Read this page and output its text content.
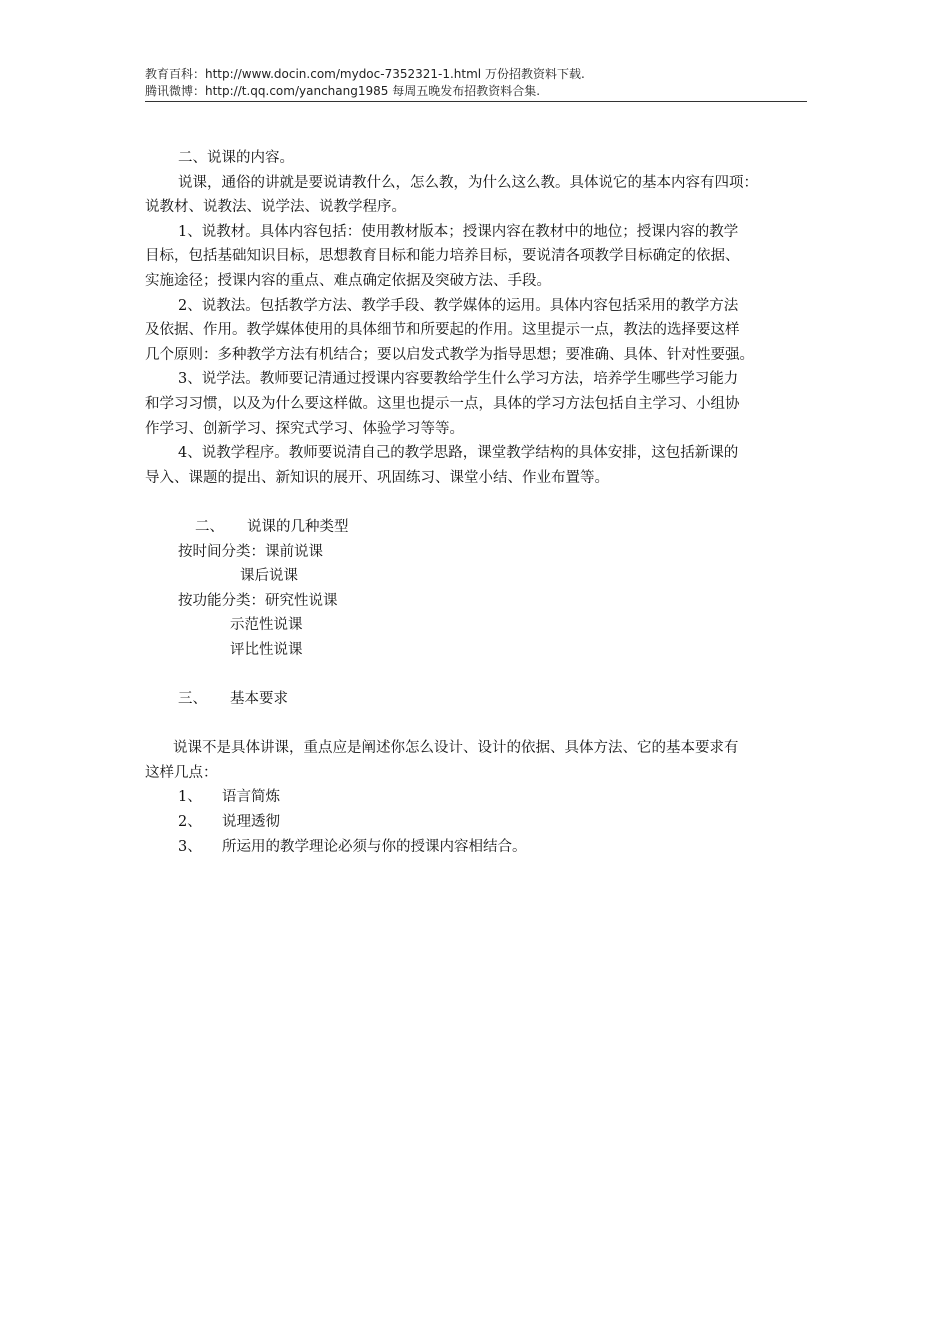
教育百科：http://www.docin.com/mydoc-7352321-1.html 万份招教资料下载.
腾讯微博：http://t.qq.com/yanchang1985 每周五晚发布招教资料合集.
二、说课的内容。
说课，通俗的讲就是要说请教什么，怎么教，为什么这么教。具体说它的基本内容有四项：
说教材、说教法、说学法、说教学程序。
1、说教材。具体内容包括：使用教材版本；授课内容在教材中的地位；授课内容的教学
目标，包括基础知识目标，思想教育目标和能力培养目标，要说清各项教学目标确定的依据、
实施途径；授课内容的重点、难点确定依据及突破方法、手段。
2、说教法。包括教学方法、教学手段、教学媒体的运用。具体内容包括采用的教学方法
及依据、作用。教学媒体使用的具体细节和所要起的作用。这里提示一点，教法的选择要这样
几个原则：多种教学方法有机结合；要以启发式教学为指导思想；要准确、具体、针对性要强。
3、说学法。教师要记清通过授课内容要教给学生什么学习方法，培养学生哪些学习能力
和学习习惯，以及为什么要这样做。这里也提示一点，具体的学习方法包括自主学习、小组协
作学习、创新学习、探究式学习、体验学习等等。
4、说教学程序。教师要说清自己的教学思路，课堂教学结构的具体安排，这包括新课的
导入、课题的提出、新知识的展开、巩固练习、课堂小结、作业布置等。
二、 说课的几种类型
按时间分类：课前说课
课后说课
按功能分类：研究性说课
示范性说课
评比性说课
三、 基本要求
说课不是具体讲课，重点应是阐述你怎么设计、设计的依据、具体方法、它的基本要求有
这样几点：
1、 语言简炼
2、 说理透彻
3、 所运用的教学理论必须与你的授课内容相结合。
